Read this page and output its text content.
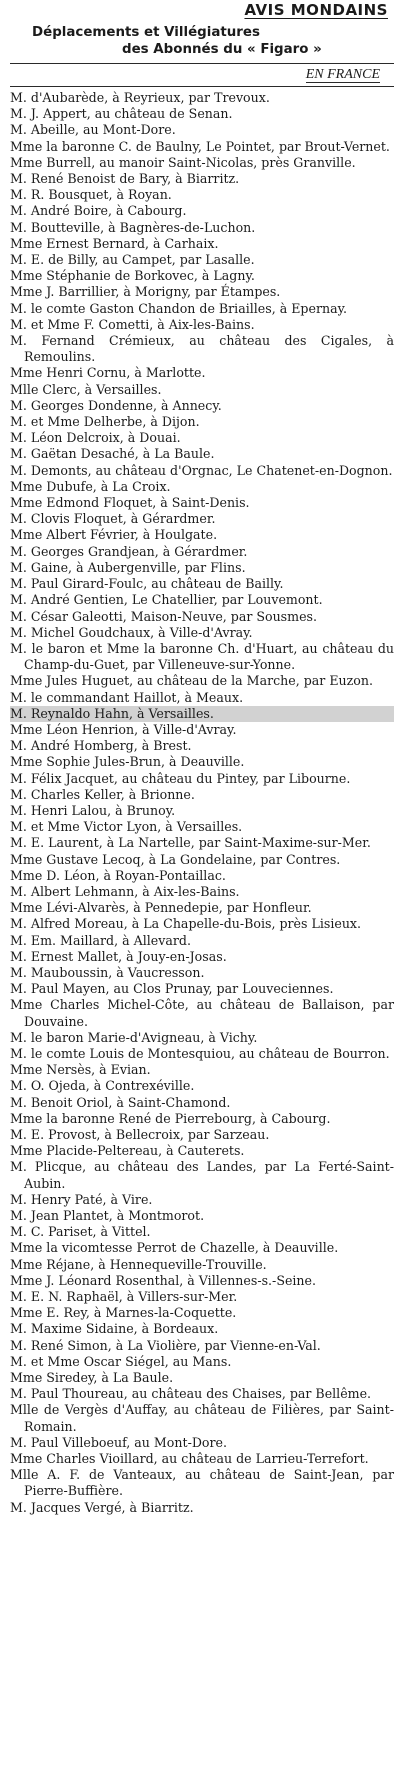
AVIS MONDAINS
Déplacements et Villégiatures
des Abonnés du « Figaro »
EN FRANCE
M. d'Aubarède, à Reyrieux, par Trevoux.
M. J. Appert, au château de Senan.
M. Abeille, au Mont-Dore.
Mme la baronne C. de Baulny, Le Pointet, par Brout-Vernet.
Mme Burrell, au manoir Saint-Nicolas, près Granville.
M. René Benoist de Bary, à Biarritz.
M. R. Bousquet, à Royan.
M. André Boire, à Cabourg.
M. Boutteville, à Bagnères-de-Luchon.
Mme Ernest Bernard, à Carhaix.
M. E. de Billy, au Campet, par Lasalle.
Mme Stéphanie de Borkovec, à Lagny.
Mme J. Barrillier, à Morigny, par Étampes.
M. le comte Gaston Chandon de Briailles, à Epernay.
M. et Mme F. Cometti, à Aix-les-Bains.
M. Fernand Crémieux, au château des Cigales, à Remoulins.
Mme Henri Cornu, à Marlotte.
Mlle Clerc, à Versailles.
M. Georges Dondenne, à Annecy.
M. et Mme Delherbe, à Dijon.
M. Léon Delcroix, à Douai.
M. Gaëtan Desaché, à La Baule.
M. Demonts, au château d'Orgnac, Le Chatenet-en-Dognon.
Mme Dubufe, à La Croix.
Mme Edmond Floquet, à Saint-Denis.
M. Clovis Floquet, à Gérardmer.
Mme Albert Février, à Houlgate.
M. Georges Grandjean, à Gérardmer.
M. Gaine, à Aubergenville, par Flins.
M. Paul Girard-Foulc, au château de Bailly.
M. André Gentien, Le Chatellier, par Louvemont.
M. César Galeotti, Maison-Neuve, par Sousmes.
M. Michel Goudchaux, à Ville-d'Avray.
M. le baron et Mme la baronne Ch. d'Huart, au château du Champ-du-Guet, par Villeneuve-sur-Yonne.
Mme Jules Huguet, au château de la Marche, par Euzon.
M. le commandant Haillot, à Meaux.
M. Reynaldo Hahn, à Versailles.
Mme Léon Henrion, à Ville-d'Avray.
M. André Homberg, à Brest.
Mme Sophie Jules-Brun, à Deauville.
M. Félix Jacquet, au château du Pintey, par Libourne.
M. Charles Keller, à Brionne.
M. Henri Lalou, à Brunoy.
M. et Mme Victor Lyon, à Versailles.
M. E. Laurent, à La Nartelle, par Saint-Maxime-sur-Mer.
Mme Gustave Lecoq, à La Gondelaine, par Contres.
Mme D. Léon, à Royan-Pontaillac.
M. Albert Lehmann, à Aix-les-Bains.
Mme Lévi-Alvarès, à Pennedepie, par Honfleur.
M. Alfred Moreau, à La Chapelle-du-Bois, près Lisieux.
M. Em. Maillard, à Allevard.
M. Ernest Mallet, à Jouy-en-Josas.
M. Mauboussin, à Vaucresson.
M. Paul Mayen, au Clos Prunay, par Louveciennes.
Mme Charles Michel-Côte, au château de Ballaison, par Douvaine.
M. le baron Marie-d'Avigneau, à Vichy.
M. le comte Louis de Montesquiou, au château de Bourron.
Mme Nersès, à Evian.
M. O. Ojeda, à Contrexéville.
M. Benoit Oriol, à Saint-Chamond.
Mme la baronne René de Pierrebourg, à Cabourg.
M. E. Provost, à Bellecroix, par Sarzeau.
Mme Placide-Peltereau, à Cauterets.
M. Plicque, au château des Landes, par La Ferté-Saint-Aubin.
M. Henry Paté, à Vire.
M. Jean Plantet, à Montmorot.
M. C. Pariset, à Vittel.
Mme la vicomtesse Perrot de Chazelle, à Deauville.
Mme Réjane, à Hennequeville-Trouville.
Mme J. Léonard Rosenthal, à Villennes-s.-Seine.
M. E. N. Raphaël, à Villers-sur-Mer.
Mme E. Rey, à Marnes-la-Coquette.
M. Maxime Sidaine, à Bordeaux.
M. René Simon, à La Violière, par Vienne-en-Val.
M. et Mme Oscar Siégel, au Mans.
Mme Siredey, à La Baule.
M. Paul Thoureau, au château des Chaises, par Bellême.
Mlle de Vergès d'Auffay, au château de Filières, par Saint-Romain.
M. Paul Villeboeuf, au Mont-Dore.
Mme Charles Vioillard, au château de Larrieu-Terrefort.
Mlle A. F. de Vanteaux, au château de Saint-Jean, par Pierre-Buffière.
M. Jacques Vergé, à Biarritz.
